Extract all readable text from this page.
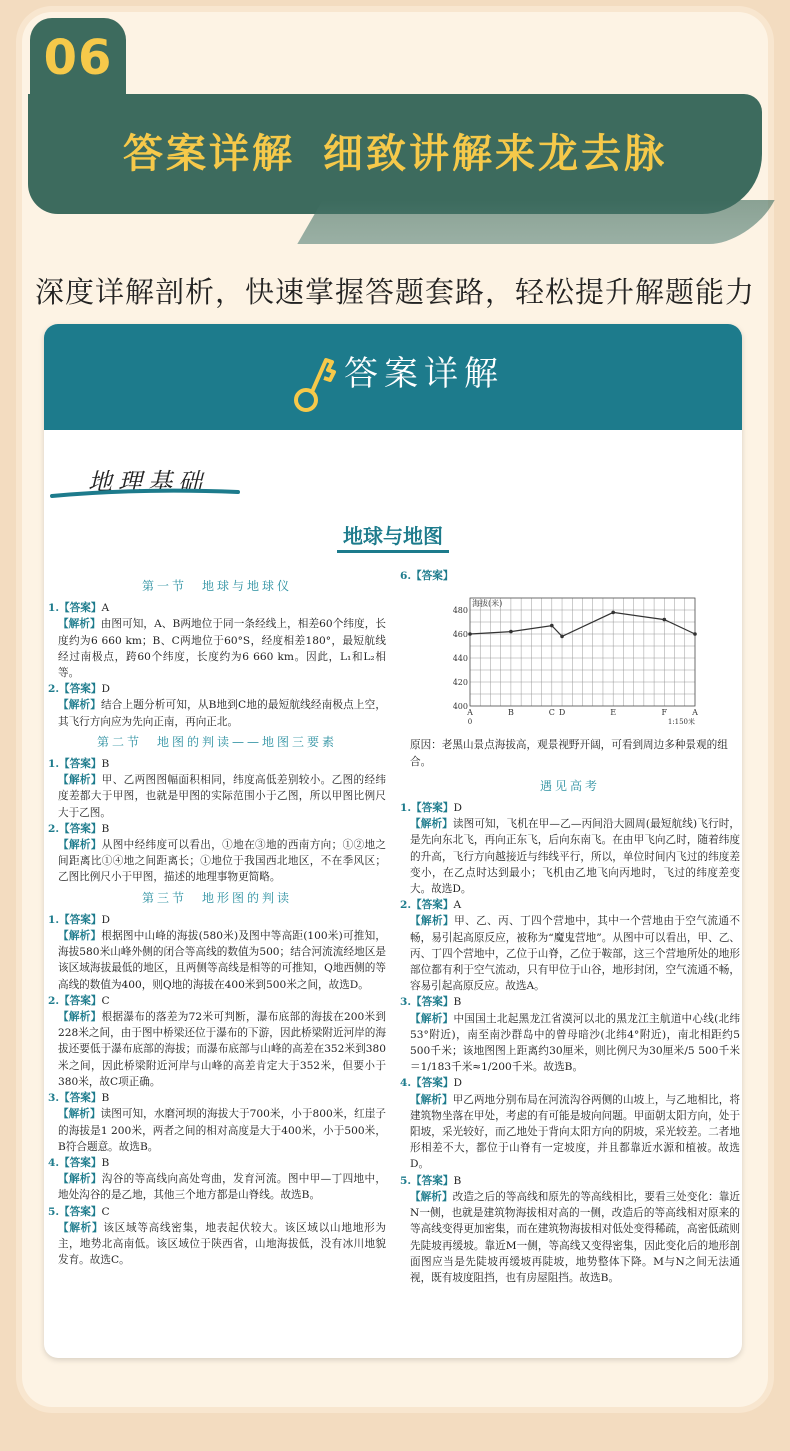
06
答案详解 细致讲解来龙去脉
深度详解剖析，快速掌握答题套路，轻松提升解题能力
答案详解
地理基础
地球与地图
第一节　地球与地球仪
1.【答案】A
【解析】由图可知，A、B两地位于同一条经线上，相差60个纬度，长度约为6 660 km；B、C两地位于60°S，经度相差180°，最短航线经过南极点，跨60个纬度，长度约为6 660 km。因此，L₁和L₂相等。
2.【答案】D
【解析】结合上题分析可知，从B地到C地的最短航线经南极点上空，其飞行方向应为先向正南，再向正北。
第二节　地图的判读——地图三要素
1.【答案】B
【解析】甲、乙两图图幅面积相同，纬度高低差别较小。乙图的经纬度差都大于甲图，也就是甲图的实际范围小于乙图，所以甲图比例尺大于乙图。
2.【答案】B
【解析】从图中经纬度可以看出，①地在③地的西南方向；①②地之间距离比①④地之间距离长；①地位于我国西北地区，不在季风区；乙图比例尺小于甲图，描述的地理事物更简略。
第三节　地形图的判读
1.【答案】D
【解析】根据图中山峰的海拔(580米)及图中等高距(100米)可推知，海拔580米山峰外侧的闭合等高线的数值为500；结合河流流经地区是该区域海拔最低的地区，且两侧等高线是相等的可推知，Q地西侧的等高线的数值为400，则Q地的海拔在400米到500米之间，故选D。
2.【答案】C
【解析】根据瀑布的落差为72米可判断，瀑布底部的海拔在200米到228米之间，由于图中桥梁还位于瀑布的下游，因此桥梁附近河岸的海拔还要低于瀑布底部的海拔；而瀑布底部与山峰的高差在352米到380米之间，因此桥梁附近河岸与山峰的高差肯定大于352米，但要小于380米，故C项正确。
3.【答案】B
【解析】读图可知，水磨河坝的海拔大于700米，小于800米，红崖子的海拔是1 200米，两者之间的相对高度是大于400米，小于500米，B符合题意。故选B。
4.【答案】B
【解析】沟谷的等高线向高处弯曲，发育河流。图中甲—丁四地中，地处沟谷的是乙地，其他三个地方都是山脊线。故选B。
5.【答案】C
【解析】该区域等高线密集，地表起伏较大。该区域以山地地形为主，地势北高南低。该区域位于陕西省，山地海拔低，没有冰川地貌发育。故选C。
6.【答案】
400
420
440
460
480
海拔(米)
A	B	C D	E	F	A
0	1:150米
原因：老黑山景点海拔高，观景视野开阔，可看到周边多种景观的组合。
遇见高考
1.【答案】D
【解析】读图可知，飞机在甲—乙—丙间沿大圆周(最短航线)飞行时，是先向东北飞，再向正东飞，后向东南飞。在由甲飞向乙时，随着纬度的升高，飞行方向越接近与纬线平行，所以，单位时间内飞过的纬度差变小，在乙点时达到最小；飞机由乙地飞向丙地时，飞过的纬度差变大。故选D。
2.【答案】A
【解析】甲、乙、丙、丁四个营地中，其中一个营地由于空气流通不畅，易引起高原反应，被称为“魔鬼营地”。从图中可以看出，甲、乙、丙、丁四个营地中，乙位于山脊，乙位于鞍部，这三个营地所处的地形部位都有利于空气流动，只有甲位于山谷，地形封闭，空气流通不畅，容易引起高原反应。故选A。
3.【答案】B
【解析】中国国土北起黑龙江省漠河以北的黑龙江主航道中心线(北纬53°附近)，南至南沙群岛中的曾母暗沙(北纬4°附近)，南北相距约5 500千米；该地图图上距离约30厘米，则比例尺为30厘米/5 500千米＝1/183千米≈1/200千米。故选B。
4.【答案】D
【解析】甲乙两地分别布局在河流沟谷两侧的山坡上，与乙地相比，将建筑物坐落在甲处，考虑的有可能是坡向问题。甲面朝太阳方向，处于阳坡，采光较好，而乙地处于背向太阳方向的阴坡，采光较差。二者地形相差不大，都位于山脊有一定坡度，并且都靠近水源和植被。故选D。
5.【答案】B
【解析】改造之后的等高线和原先的等高线相比，要看三处变化：靠近N一侧，也就是建筑物海拔相对高的一侧，改造后的等高线相对原来的等高线变得更加密集，而在建筑物海拔相对低处变得稀疏，高密低疏则先陡坡再缓坡。靠近M一侧，等高线又变得密集，因此变化后的地形剖面图应当是先陡坡再缓坡再陡坡，地势整体下降。M与N之间无法通视，既有坡度阻挡，也有房屋阻挡。故选B。
